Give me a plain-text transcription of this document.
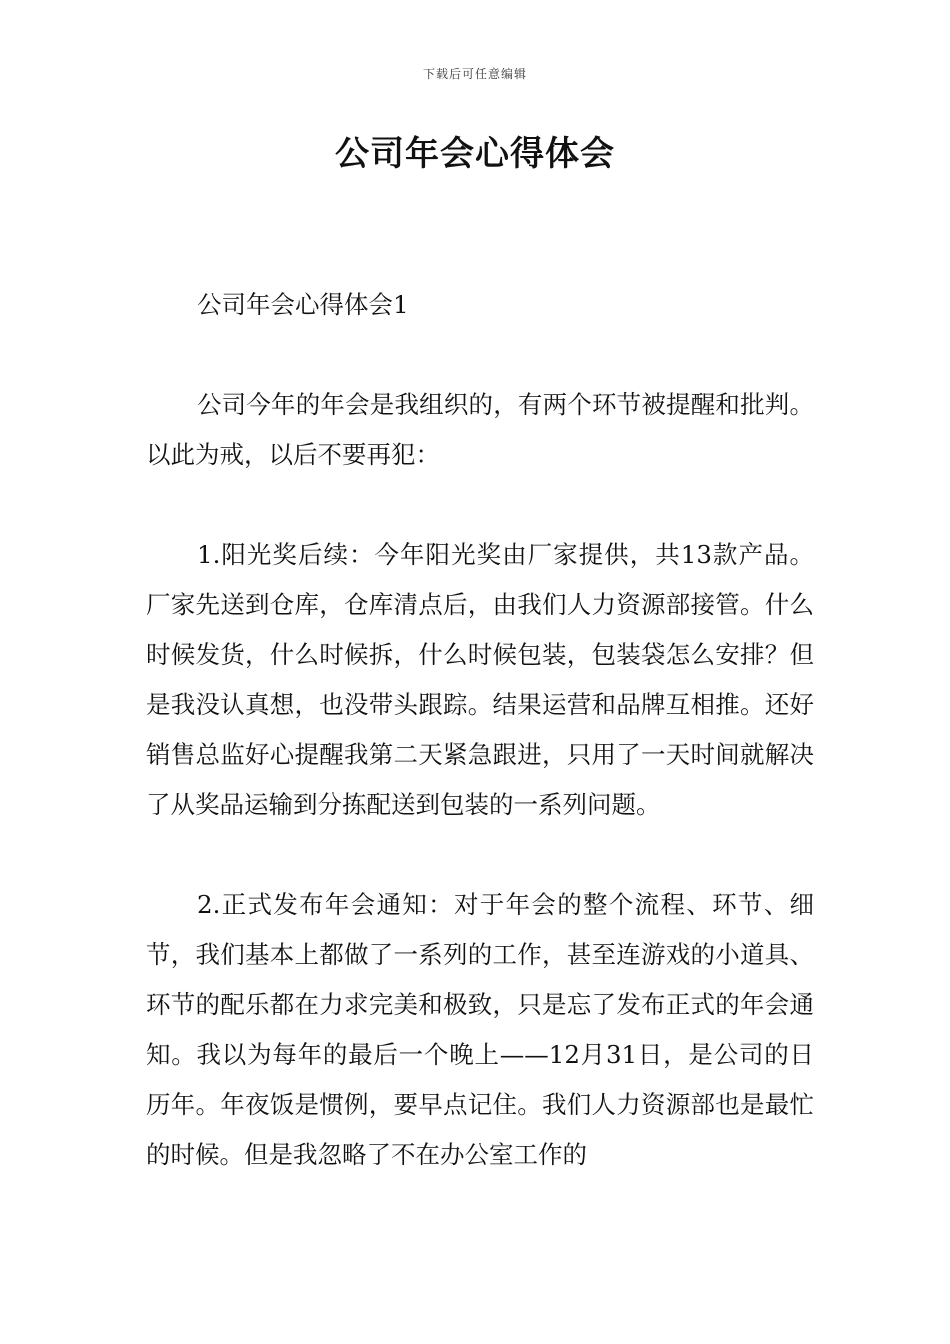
下载后可任意编辑
公司年会心得体会

公司年会心得体会1

公司今年的年会是我组织的，有两个环节被提醒和批判。以此为戒，以后不要再犯：

1.阳光奖后续：今年阳光奖由厂家提供，共13款产品。厂家先送到仓库，仓库清点后，由我们人力资源部接管。什么时候发货，什么时候拆，什么时候包装，包装袋怎么安排？但是我没认真想，也没带头跟踪。结果运营和品牌互相推。还好销售总监好心提醒我第二天紧急跟进，只用了一天时间就解决了从奖品运输到分拣配送到包装的一系列问题。

2.正式发布年会通知：对于年会的整个流程、环节、细节，我们基本上都做了一系列的工作，甚至连游戏的小道具、环节的配乐都在力求完美和极致，只是忘了发布正式的年会通知。我以为每年的最后一个晚上——12月31日，是公司的日历年。年夜饭是惯例，要早点记住。我们人力资源部也是最忙的时候。但是我忽略了不在办公室工作的
